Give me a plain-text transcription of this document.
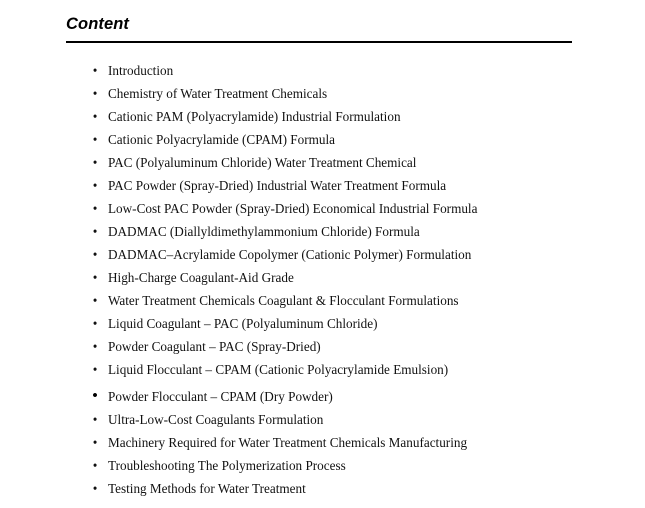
Content
• Introduction
• Chemistry of Water Treatment Chemicals
• Cationic PAM (Polyacrylamide) Industrial Formulation
• Cationic Polyacrylamide (CPAM) Formula
• PAC (Polyaluminum Chloride) Water Treatment Chemical
• PAC Powder (Spray-Dried) Industrial Water Treatment Formula
• Low-Cost PAC Powder (Spray-Dried) Economical Industrial Formula
• DADMAC (Diallyldimethylammonium Chloride) Formula
• DADMAC–Acrylamide Copolymer (Cationic Polymer) Formulation
• High-Charge Coagulant-Aid Grade
• Water Treatment Chemicals Coagulant & Flocculant Formulations
• Liquid Coagulant – PAC (Polyaluminum Chloride)
• Powder Coagulant – PAC (Spray-Dried)
• Liquid Flocculant – CPAM (Cationic Polyacrylamide Emulsion)
• Powder Flocculant – CPAM (Dry Powder)
• Ultra-Low-Cost Coagulants Formulation
• Machinery Required for Water Treatment Chemicals Manufacturing
• Troubleshooting The Polymerization Process
• Testing Methods for Water Treatment
